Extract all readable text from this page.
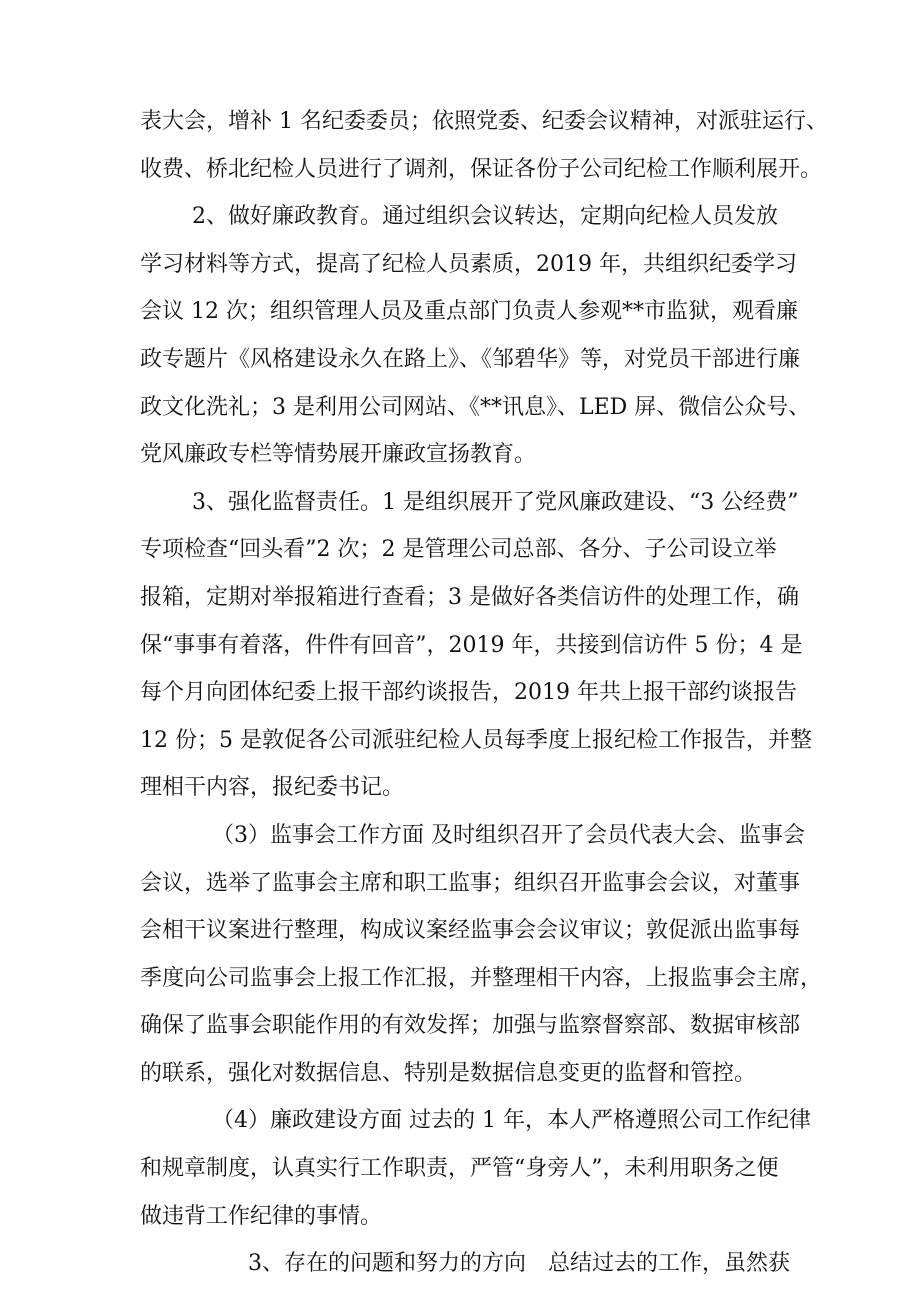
表大会，增补 1 名纪委委员；依照党委、纪委会议精神，对派驻运行、
收费、桥北纪检人员进行了调剂，保证各份子公司纪检工作顺利展开。
2、做好廉政教育。通过组织会议转达，定期向纪检人员发放
学习材料等方式，提高了纪检人员素质，2019 年，共组织纪委学习
会议 12 次；组织管理人员及重点部门负责人参观**市监狱，观看廉
政专题片《风格建设永久在路上》、《邹碧华》等，对党员干部进行廉
政文化洗礼；3 是利用公司网站、《**讯息》、LED 屏、微信公众号、
党风廉政专栏等情势展开廉政宣扬教育。
3、强化监督责任。1 是组织展开了党风廉政建设、“3 公经费”
专项检查“回头看”2 次；2 是管理公司总部、各分、子公司设立举
报箱，定期对举报箱进行查看；3 是做好各类信访件的处理工作，确
保“事事有着落，件件有回音”，2019 年，共接到信访件 5 份；4 是
每个月向团体纪委上报干部约谈报告，2019 年共上报干部约谈报告
12 份；5 是敦促各公司派驻纪检人员每季度上报纪检工作报告，并整
理相干内容，报纪委书记。
（3）监事会工作方面 及时组织召开了会员代表大会、监事会
会议，选举了监事会主席和职工监事；组织召开监事会会议，对董事
会相干议案进行整理，构成议案经监事会会议审议；敦促派出监事每
季度向公司监事会上报工作汇报，并整理相干内容，上报监事会主席，
确保了监事会职能作用的有效发挥；加强与监察督察部、数据审核部
的联系，强化对数据信息、特别是数据信息变更的监督和管控。
（4）廉政建设方面 过去的 1 年，本人严格遵照公司工作纪律
和规章制度，认真实行工作职责，严管“身旁人”，未利用职务之便
做违背工作纪律的事情。
3、存在的问题和努力的方向　总结过去的工作，虽然获
